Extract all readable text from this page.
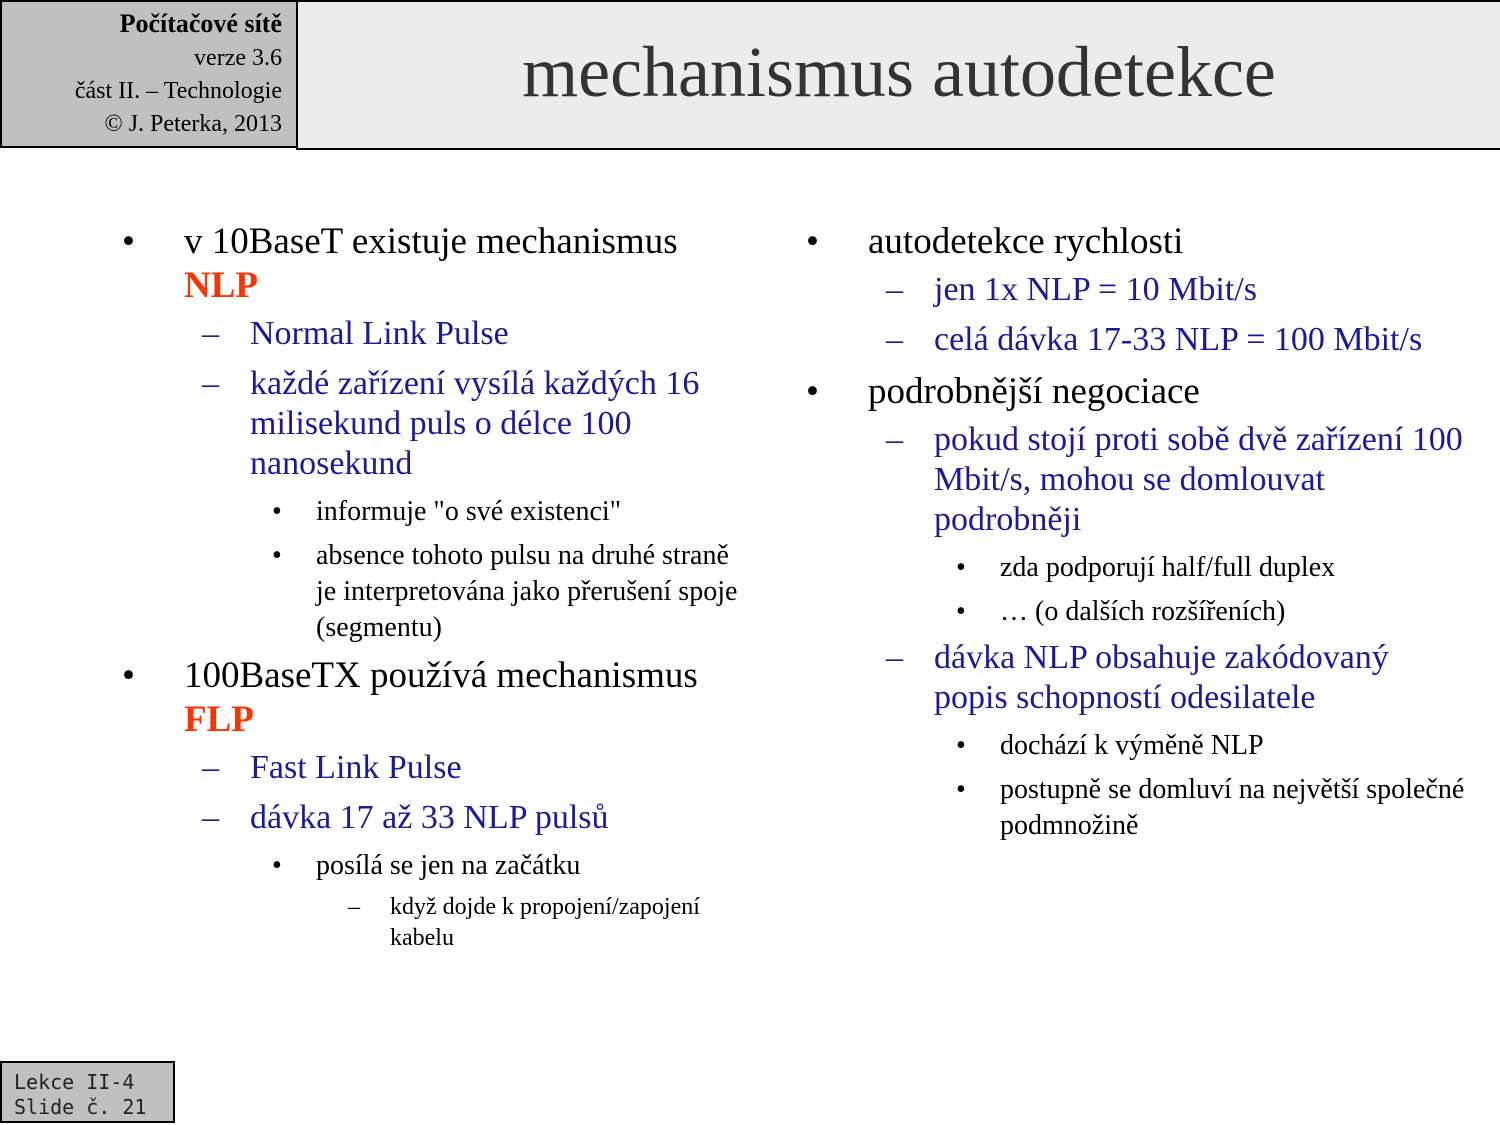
Počítačové sítě
verze 3.6
část II. – Technologie
© J. Peterka, 2013
mechanismus autodetekce
• v 10BaseT existuje mechanismus NLP
– Normal Link Pulse
– každé zařízení vysílá každých 16 milisekund puls o délce 100 nanosekund
• informuje "o své existenci"
• absence tohoto pulsu na druhé straně je interpretována jako přerušení spoje (segmentu)
• 100BaseTX používá mechanismus FLP
– Fast Link Pulse
– dávka 17 až 33 NLP pulsů
• posílá se jen na začátku
– když dojde k propojení/zapojení kabelu
• autodetekce rychlosti
– jen 1x NLP = 10 Mbit/s
– celá dávka 17-33 NLP = 100 Mbit/s
• podrobnější negociace
– pokud stojí proti sobě dvě zařízení 100 Mbit/s, mohou se domlouvat podrobněji
• zda podporují half/full duplex
• … (o dalších rozšířeních)
– dávka NLP obsahuje zakódovaný popis schopností odesilatele
• dochází k výměně NLP
• postupně se domluví na největší společné podmnožině
Lekce II-4
Slide č. 21
